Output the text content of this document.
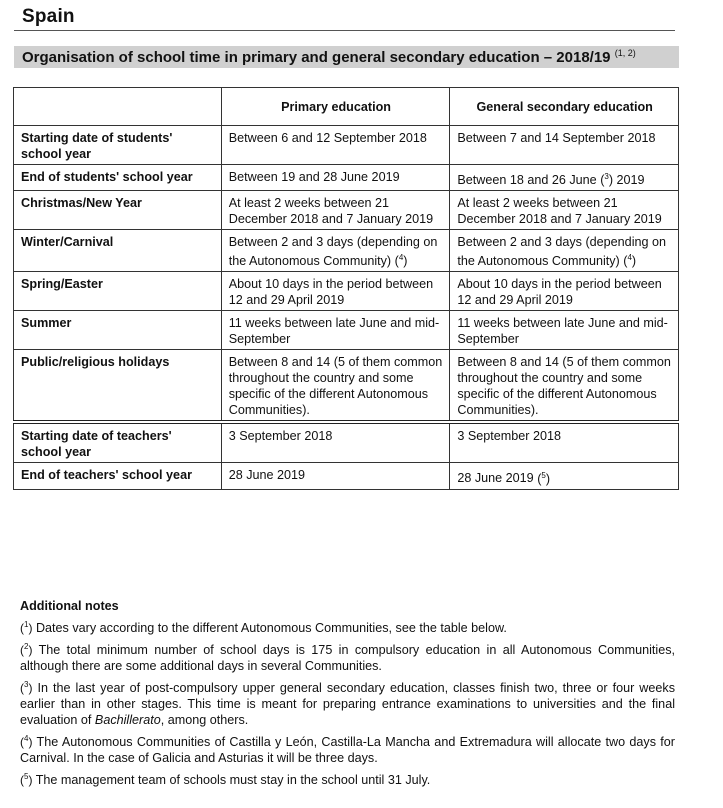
Spain
Organisation of school time in primary and general secondary education – 2018/19 $^{(1, 2)}$
	Primary education	General secondary education
Starting date of students' school year	Between 6 and 12 September 2018	Between 7 and 14 September 2018
End of students' school year	Between 19 and 28 June 2019	Between 18 and 26 June ($^3$) 2019
Christmas/New Year	At least 2 weeks between 21 December 2018 and 7 January 2019	At least 2 weeks between 21 December 2018 and 7 January 2019
Winter/Carnival	Between 2 and 3 days (depending on the Autonomous Community) ($^4$)	Between 2 and 3 days (depending on the Autonomous Community) ($^4$)
Spring/Easter	About 10 days in the period between 12 and 29 April 2019	About 10 days in the period between 12 and 29 April 2019
Summer	11 weeks between late June and mid-September	11 weeks between late June and mid-September
Public/religious holidays	Between 8 and 14 (5 of them common throughout the country and some specific of the different Autonomous Communities).	Between 8 and 14 (5 of them common throughout the country and some specific of the different Autonomous Communities).
Starting date of teachers' school year	3 September 2018	3 September 2018
End of teachers' school year	28 June 2019	28 June 2019 ($^5$)
Additional notes
($^1$) Dates vary according to the different Autonomous Communities, see the table below.
($^2$) The total minimum number of school days is 175 in compulsory education in all Autonomous Communities, although there are some additional days in several Communities.
($^3$) In the last year of post-compulsory upper general secondary education, classes finish two, three or four weeks earlier than in other stages. This time is meant for preparing entrance examinations to universities and the final evaluation of Bachillerato, among others.
($^4$) The Autonomous Communities of Castilla y León, Castilla-La Mancha and Extremadura will allocate two days for Carnival. In the case of Galicia and Asturias it will be three days.
($^5$) The management team of schools must stay in the school until 31 July.
